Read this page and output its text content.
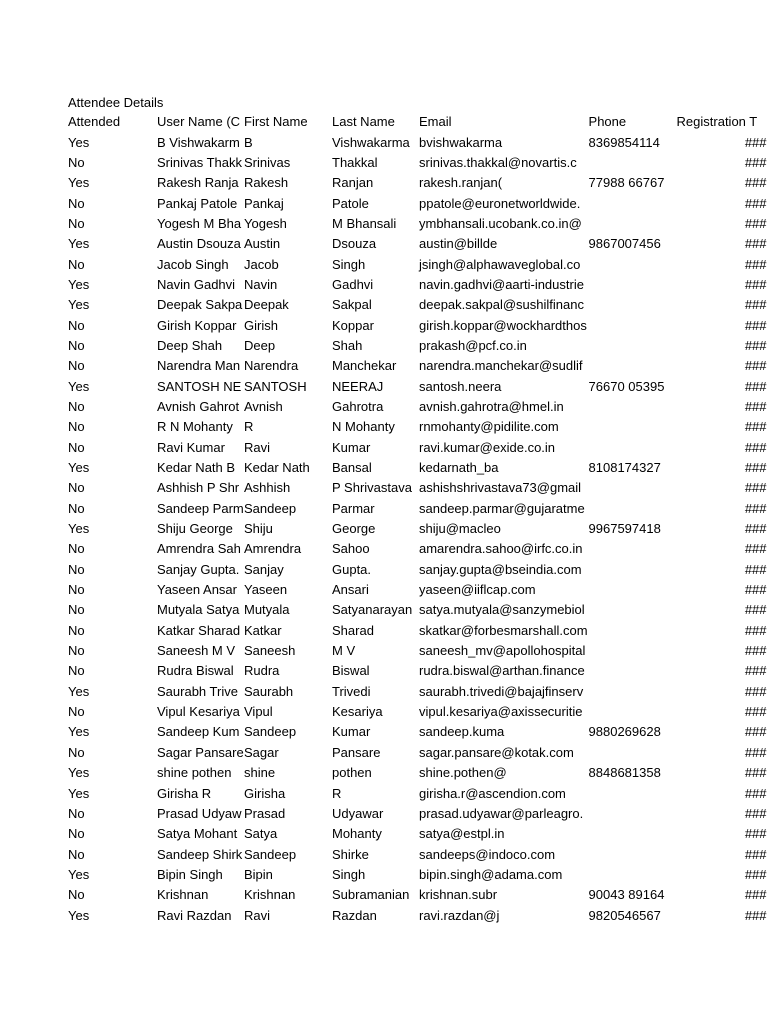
Attendee Details
Attended	User Name (C	First Name	Last Name	Email	Phone	Registration T

Yes	B Vishwakarm	B	Vishwakarma	bvishwakarma	8369854114	###
No	Srinivas Thakk	Srinivas	Thakkal	srinivas.thakkal@novartis.c		###
Yes	Rakesh Ranja	Rakesh	Ranjan	rakesh.ranjan(	77988 66767	###
No	Pankaj Patole	Pankaj	Patole	ppatole@euronetworldwide.		###
No	Yogesh M Bha	Yogesh	M Bhansali	ymbhansali.ucobank.co.in@		###
Yes	Austin Dsouza	Austin	Dsouza	austin@billde	9867007456	###
No	Jacob Singh	Jacob	Singh	jsingh@alphawaveglobal.co		###
Yes	Navin Gadhvi	Navin	Gadhvi	navin.gadhvi@aarti-industrie		###
Yes	Deepak Sakpa	Deepak	Sakpal	deepak.sakpal@sushilfinanc		###
No	Girish Koppar	Girish	Koppar	girish.koppar@wockhardthos		###
No	Deep Shah	Deep	Shah	prakash@pcf.co.in		###
No	Narendra Man	Narendra	Manchekar	narendra.manchekar@sudlif		###
Yes	SANTOSH NE	SANTOSH	NEERAJ	santosh.neera	76670 05395	###
No	Avnish Gahrot	Avnish	Gahrotra	avnish.gahrotra@hmel.in		###
No	R N Mohanty	R	N Mohanty	rnmohanty@pidilite.com		###
No	Ravi Kumar	Ravi	Kumar	ravi.kumar@exide.co.in		###
Yes	Kedar Nath B	Kedar Nath	Bansal	kedarnath_ba	8108174327	###
No	Ashhish P Shr	Ashhish	P Shrivastava	ashishshrivastava73@gmail		###
No	Sandeep Parm	Sandeep	Parmar	sandeep.parmar@gujaratme		###
Yes	Shiju George	Shiju	George	shiju@macleo	9967597418	###
No	Amrendra Sah	Amrendra	Sahoo	amarendra.sahoo@irfc.co.in		###
No	Sanjay Gupta.	Sanjay	Gupta.	sanjay.gupta@bseindia.com		###
No	Yaseen Ansar	Yaseen	Ansari	yaseen@iiflcap.com		###
No	Mutyala Satya	Mutyala	Satyanarayan	satya.mutyala@sanzymebiol		###
No	Katkar Sharad	Katkar	Sharad	skatkar@forbesmarshall.com		###
No	Saneesh M V	Saneesh	M V	saneesh_mv@apollohospital		###
No	Rudra Biswal	Rudra	Biswal	rudra.biswal@arthan.finance		###
Yes	Saurabh Trive	Saurabh	Trivedi	saurabh.trivedi@bajajfinserv		###
No	Vipul Kesariya	Vipul	Kesariya	vipul.kesariya@axissecuritie		###
Yes	Sandeep Kum	Sandeep	Kumar	sandeep.kuma	9880269628	###
No	Sagar Pansare	Sagar	Pansare	sagar.pansare@kotak.com		###
Yes	shine pothen	shine	pothen	shine.pothen@	8848681358	###
Yes	Girisha R	Girisha	R	girisha.r@ascendion.com		###
No	Prasad Udyaw	Prasad	Udyawar	prasad.udyawar@parleagro.		###
No	Satya Mohant	Satya	Mohanty	satya@estpl.in		###
No	Sandeep Shirk	Sandeep	Shirke	sandeeps@indoco.com		###
Yes	Bipin Singh	Bipin	Singh	bipin.singh@adama.com		###
No	Krishnan	Krishnan	Subramanian	krishnan.subr	90043 89164	###
Yes	Ravi Razdan	Ravi	Razdan	ravi.razdan@j	9820546567	###
